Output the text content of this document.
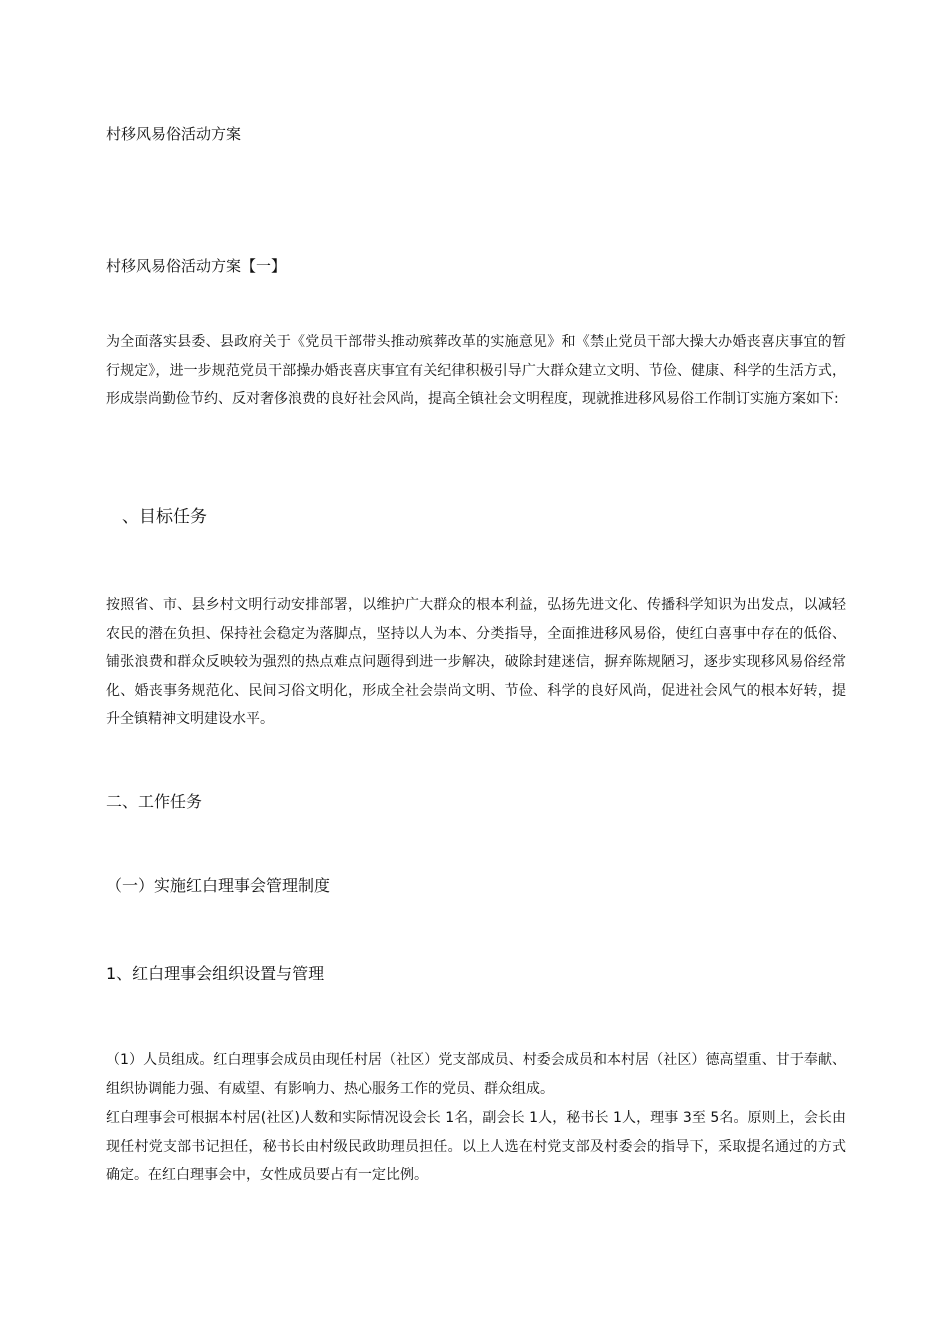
村移风易俗活动方案

村移风易俗活动方案【一】

为全面落实县委、县政府关于《党员干部带头推动殡葬改革的实施意见》和《禁止党员干部大操大办婚丧喜庆事宜的暂行规定》，进一步规范党员干部操办婚丧喜庆事宜有关纪律积极引导广大群众建立文明、节俭、健康、科学的生活方式，形成崇尚勤俭节约、反对奢侈浪费的良好社会风尚，提高全镇社会文明程度，现就推进移风易俗工作制订实施方案如下:

、目标任务

按照省、市、县乡村文明行动安排部署，以维护广大群众的根本利益，弘扬先进文化、传播科学知识为出发点，以减轻农民的潜在负担、保持社会稳定为落脚点，坚持以人为本、分类指导，全面推进移风易俗，使红白喜事中存在的低俗、铺张浪费和群众反映较为强烈的热点难点问题得到进一步解决，破除封建迷信，摒弃陈规陋习，逐步实现移风易俗经常化、婚丧事务规范化、民间习俗文明化，形成全社会崇尚文明、节俭、科学的良好风尚，促进社会风气的根本好转，提升全镇精神文明建设水平。

二、工作任务

（一）实施红白理事会管理制度

1、红白理事会组织设置与管理

（1）人员组成。红白理事会成员由现任村居（社区）党支部成员、村委会成员和本村居（社区）德高望重、甘于奉献、组织协调能力强、有威望、有影响力、热心服务工作的党员、群众组成。

红白理事会可根据本村居(社区)人数和实际情况设会长 1名，副会长 1人，秘书长 1人，理事 3至 5名。原则上，会长由现任村党支部书记担任，秘书长由村级民政助理员担任。以上人选在村党支部及村委会的指导下，采取提名通过的方式确定。在红白理事会中，女性成员要占有一定比例。
